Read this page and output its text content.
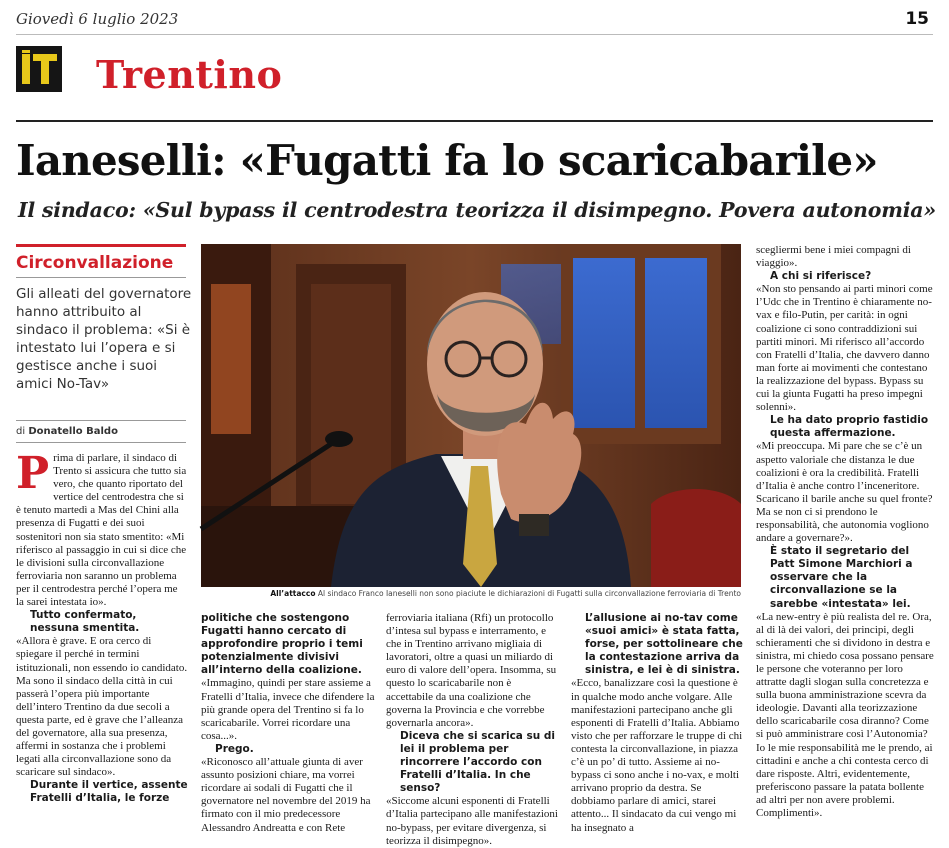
Giovedì 6 luglio 2023	15
Trentino
Ianeselli: «Fugatti fa lo scaricabarile»
Il sindaco: «Sul bypass il centrodestra teorizza il disimpegno. Povera autonomia»
Circonvallazione
Gli alleati del governatore hanno attribuito al sindaco il problema: «Si è intestato lui l’opera e si gestisce anche i suoi amici No-Tav»
di Donatello Baldo
P rima di parlare, il sindaco di Trento si assicura che tutto sia vero, che quanto riportato del vertice del centrodestra che si è tenuto martedì a Mas del Chini alla presenza di Fugatti e dei suoi sostenitori non sia stato smentito: «Mi riferisco al passaggio in cui si dice che le divisioni sulla circonvallazione ferroviaria non saranno un problema per il centrodestra perché l’opera me la sarei intestata io».

Tutto confermato, nessuna smentita.

«Allora è grave. E ora cerco di spiegare il perché in termini istituzionali, non essendo io candidato. Ma sono il sindaco della città in cui passerà l’opera più importante dell’intero Trentino da due secoli a questa parte, ed è grave che l’alleanza del governatore, alla sua presenza, affermi in sostanza che i problemi legati alla circonvallazione sono da scaricare sul sindaco».

Durante il vertice, assente Fratelli d’Italia, le forze

All’attacco Al sindaco Franco Ianeselli non sono piaciute le dichiarazioni di Fugatti sulla circonvallazione ferroviaria di Trento

politiche che sostengono Fugatti hanno cercato di approfondire proprio i temi potenzialmente divisivi all’interno della coalizione.

«Immagino, quindi per stare assieme a Fratelli d’Italia, invece che difendere la più grande opera del Trentino si fa lo scaricabarile. Vorrei ricordare una cosa...».

Prego.

«Riconosco all’attuale giunta di aver assunto posizioni chiare, ma vorrei ricordare ai sodali di Fugatti che il governatore nel novembre del 2019 ha firmato con il mio predecessore Alessandro Andreatta e con Rete

ferroviaria italiana (Rfi) un protocollo d’intesa sul bypass e interramento, e che in Trentino arrivano miglìaia di lavoratori, oltre a quasi un miliardo di euro di valore dell’opera. Insomma, su questo lo scaricabarile non è accettabile da una coalizione che governa la Provincia e che vorrebbe governarla ancora».

Diceva che si scarica su di lei il problema per rincorrere l’accordo con Fratelli d’Italia. In che senso?

«Siccome alcuni esponenti di Fratelli d’Italia partecipano alle manifestazioni no-bypass, per evitare divergenza, si teorizza il disimpegno».

L’allusione ai no-tav come «suoi amici» è stata fatta, forse, per sottolineare che la contestazione arriva da sinistra, e lei è di sinistra.

«Ecco, banalizzare così la questione è in qualche modo anche volgare. Alle manifestazioni partecipano anche gli esponenti di Fratelli d’Italia. Abbiamo visto che per rafforzare le truppe di chi contesta la circonvallazione, in piazza c’è un po’ di tutto. Assieme ai no-bypass ci sono anche i no-vax, e molti arrivano proprio da destra. Se dobbiamo parlare di amici, starei attento... Il sindacato da cui vengo mi ha insegnato a

scegliermi bene i miei compagni di viaggio».

A chi si riferisce?

«Non sto pensando ai parti minori come l’Udc che in Trentino è chiaramente no-vax e filo-Putin, per carità: in ogni coalizione ci sono contraddizioni sui partiti minori. Mi riferisco all’accordo con Fratelli d’Italia, che davvero danno man forte ai movimenti che contestano la realizzazione del bypass. Bypass su cui la giunta Fugatti ha preso impegni solenni».

Le ha dato proprio fastidio questa affermazione.

«Mi preoccupa. Mi pare che se c’è un aspetto valoriale che distanza le due coalizioni è ora la credibilità. Fratelli d’Italia è anche contro l’inceneritore. Scaricano il barile anche su quel fronte? Ma se non ci si prendono le responsabilità, che autonomia vogliono andare a governare?».

È stato il segretario del Patt Simone Marchiori a osservare che la circonvallazione se la sarebbe «intestata» lei.

«La new-entry è più realista del re. Ora, al di là dei valori, dei principi, degli schieramenti che si dividono in destra e sinistra, mi chiedo cosa possano pensare le persone che voteranno per loro attratte dagli slogan sulla concretezza e sulla buona amministrazione scevra da ideologie. Davanti alla teorizzazione dello scaricabarile cosa diranno? Come si può amministrare così l’Autonomia? Io le mie responsabilità me le prendo, ai cittadini e anche a chi contesta cerco di dare risposte. Altri, evidentemente, preferiscono passare la patata bollente ad altri per non avere problemi. Complimenti».
